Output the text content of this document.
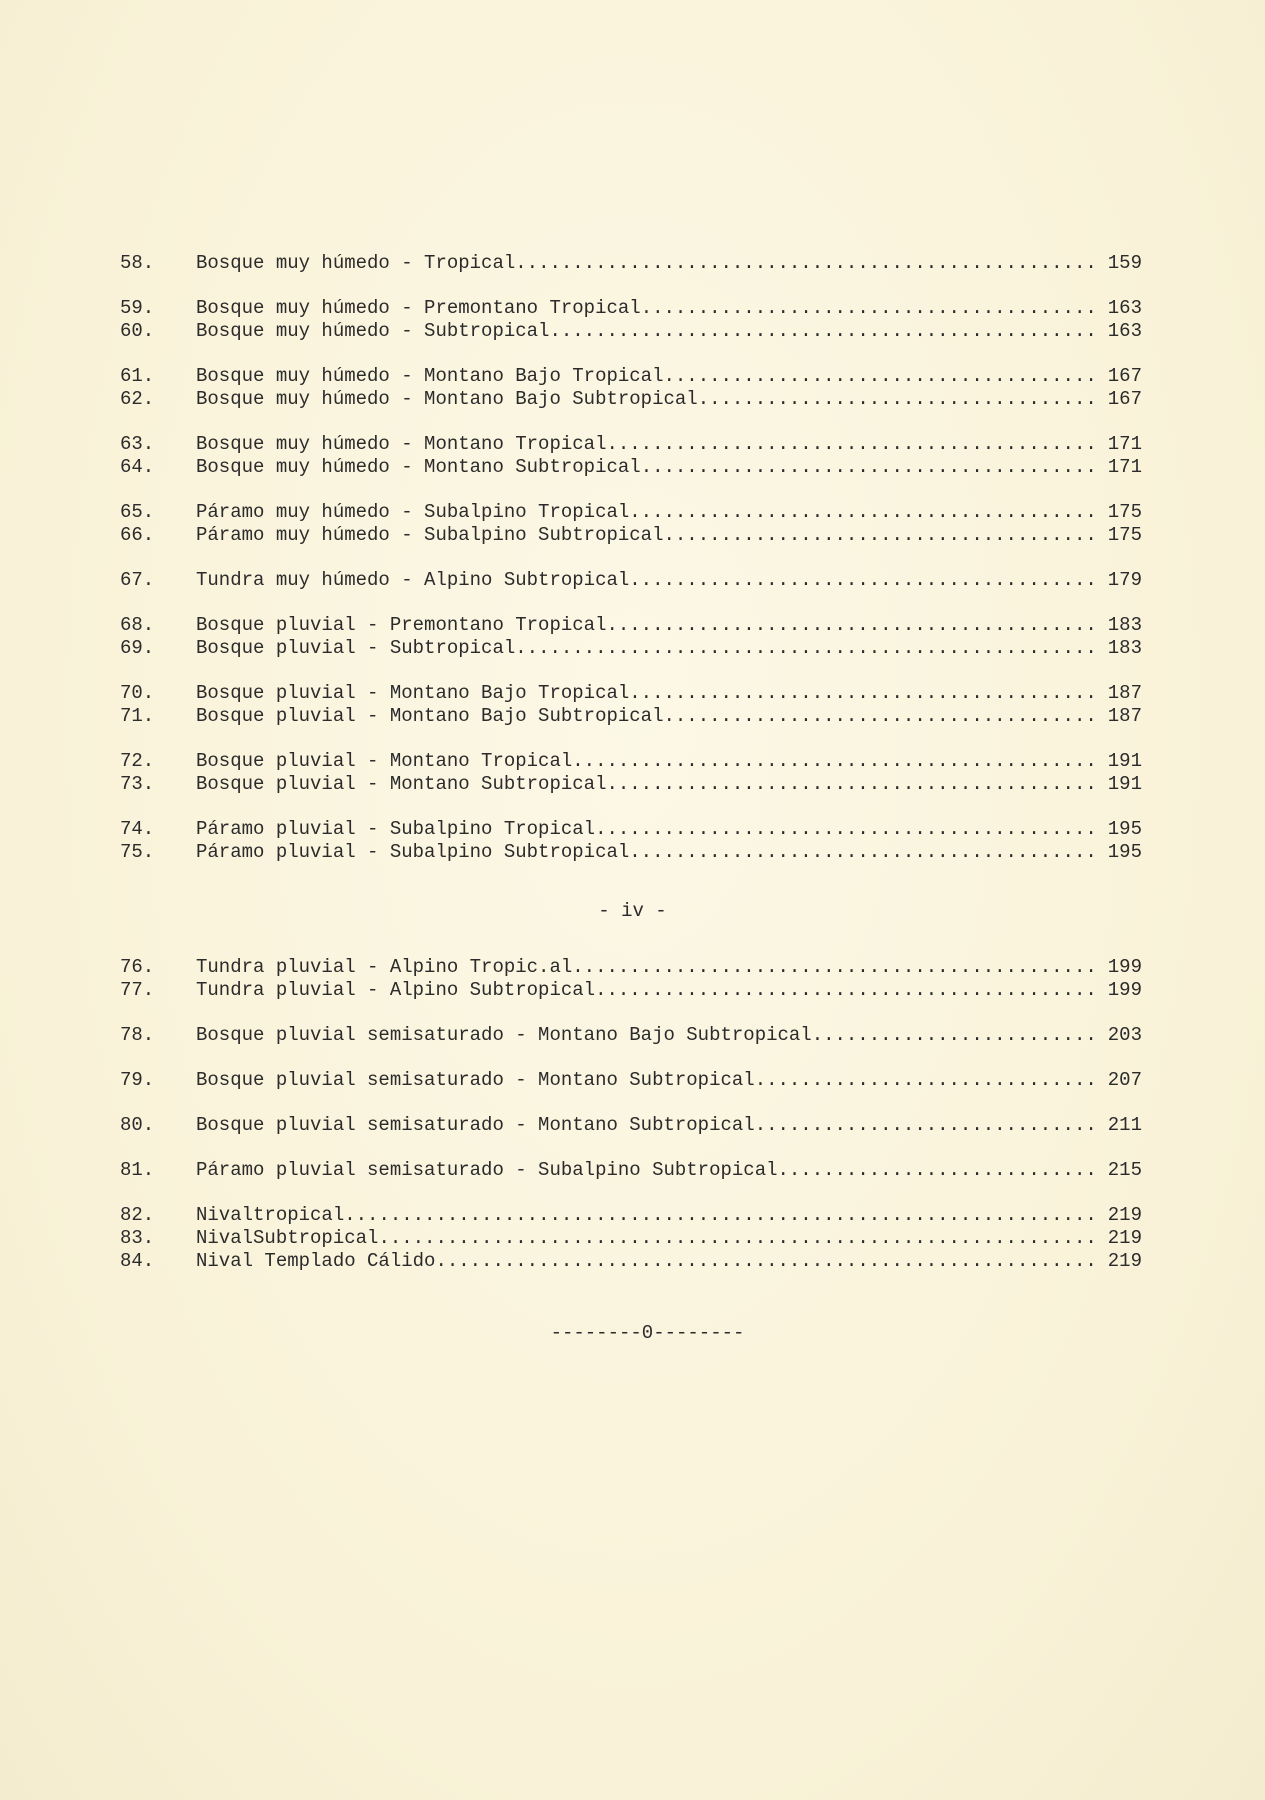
58.	Bosque muy húmedo - Tropical .....	159
59.	Bosque muy húmedo - Premontano Tropical .....	163
60.	Bosque muy húmedo - Subtropical .....	163
61.	Bosque muy húmedo - Montano Bajo Tropical .....	167
62.	Bosque muy húmedo - Montano Bajo Subtropical .....	167
63.	Bosque muy húmedo - Montano Tropical .....	171
64.	Bosque muy húmedo - Montano Subtropical .....	171
65.	Páramo muy húmedo - Subalpino Tropical .....	175
66.	Páramo muy húmedo - Subalpino Subtropical .....	175
67.	Tundra muy húmedo - Alpino Subtropical .....	179
68.	Bosque pluvial - Premontano Tropical .....	183
69.	Bosque pluvial - Subtropical .....	183
70.	Bosque pluvial - Montano Bajo Tropical .....	187
71.	Bosque pluvial - Montano Bajo Subtropical .....	187
72.	Bosque pluvial - Montano Tropical .....	191
73.	Bosque pluvial - Montano Subtropical .....	191
74.	Páramo pluvial - Subalpino Tropical .....	195
75.	Páramo pluvial - Subalpino Subtropical .....	195
- iv -
76.	Tundra pluvial - Alpino Tropic.al .....	199
77.	Tundra pluvial - Alpino Subtropical .....	199
78.	Bosque pluvial semisaturado - Montano Bajo Subtropical .....	203
79.	Bosque pluvial semisaturado - Montano Subtropical .....	207
80.	Bosque pluvial semisaturado - Montano Subtropical .....	211
81.	Páramo pluvial semisaturado - Subalpino Subtropical .....	215
82.	Nivaltropical .....	219
83.	NivalSubtropical .....	219
84.	Nival Templado Cálido .....	219
--------0--------
